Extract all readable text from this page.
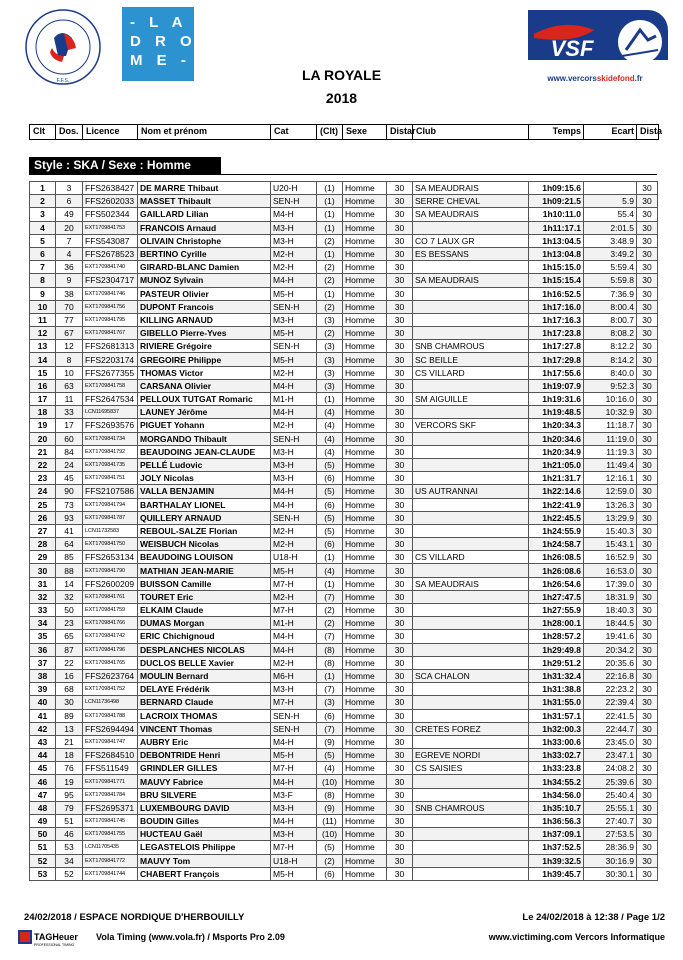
F.F.S.
- L A
D R O
M E -	VSF
www.vercorsskidefond.fr
LA ROYALE
2018
Clt	Dos. Licence	Nom et prénom	Cat	(Clt) Sexe	Distar Club	Temps	Ecart Dista
Style : SKA / Sexe : Homme
1	3	FFS2638427	DE MARRE Thibaut	U20-H	(1)	Homme	30	SA MEAUDRAIS	1h09:15.6		30
2	6	FFS2602033	MASSET Thibault	SEN-H	(1)	Homme	30	SERRE CHEVAL	1h09:21.5	5.9	30
3	49	FFS502344	GAILLARD Lilian	M4-H	(1)	Homme	30	SA MEAUDRAIS	1h10:11.0	55.4	30
4	20	EXT1709841753	FRANCOIS Arnaud	M3-H	(1)	Homme	30		1h11:17.1	2:01.5	30
5	7	FFS543087	OLIVAIN Christophe	M3-H	(2)	Homme	30	CO 7 LAUX GR	1h13:04.5	3:48.9	30
6	4	FFS2678523	BERTINO Cyrille	M2-H	(1)	Homme	30	ES BESSANS	1h13:04.8	3:49.2	30
7	36	EXT1709841740	GIRARD-BLANC Damien	M2-H	(2)	Homme	30		1h15:15.0	5:59.4	30
8	9	FFS2304717	MUNOZ Sylvain	M4-H	(2)	Homme	30	SA MEAUDRAIS	1h15:15.4	5:59.8	30
9	38	EXT1709841746	PASTEUR Olivier	M5-H	(1)	Homme	30		1h16:52.5	7:36.9	30
10	70	EXT1709841756	DUPONT Francois	SEN-H	(2)	Homme	30		1h17:16.0	8:00.4	30
11	77	EXT1709841795	KILLING ARNAUD	M3-H	(3)	Homme	30		1h17:16.3	8:00.7	30
12	67	EXT1709841767	GIBELLO Pierre-Yves	M5-H	(2)	Homme	30		1h17:23.8	8:08.2	30
13	12	FFS2681313	RIVIERE Grégoire	SEN-H	(3)	Homme	30	SNB CHAMROUS	1h17:27.8	8:12.2	30
14	8	FFS2203174	GREGOIRE Philippe	M5-H	(3)	Homme	30	SC BEILLE	1h17:29.8	8:14.2	30
15	10	FFS2677355	THOMAS Victor	M2-H	(3)	Homme	30	CS VILLARD	1h17:55.6	8:40.0	30
16	63	EXT1709841758	CARSANA Olivier	M4-H	(3)	Homme	30		1h19:07.9	9:52.3	30
17	11	FFS2647534	PELLOUX TUTGAT Romaric	M1-H	(1)	Homme	30	SM AIGUILLE	1h19:31.6	10:16.0	30
18	33	LCN11695837	LAUNEY Jérôme	M4-H	(4)	Homme	30		1h19:48.5	10:32.9	30
19	17	FFS2693576	PIGUET Yohann	M2-H	(4)	Homme	30	VERCORS SKF	1h20:34.3	11:18.7	30
20	60	EXT1709841734	MORGANDO Thibault	SEN-H	(4)	Homme	30		1h20:34.6	11:19.0	30
21	84	EXT1709841792	BEAUDOING JEAN-CLAUDE	M3-H	(4)	Homme	30		1h20:34.9	11:19.3	30
22	24	EXT1709841735	PELLÉ Ludovic	M3-H	(5)	Homme	30		1h21:05.0	11:49.4	30
23	45	EXT1709841751	JOLY Nicolas	M3-H	(6)	Homme	30		1h21:31.7	12:16.1	30
24	90	FFS2107586	VALLA BENJAMIN	M4-H	(5)	Homme	30	US AUTRANNAI	1h22:14.6	12:59.0	30
25	73	EXT1709841794	BARTHALAY LIONEL	M4-H	(6)	Homme	30		1h22:41.9	13:26.3	30
26	93	EXT1709841787	QUILLERY ARNAUD	SEN-H	(5)	Homme	30		1h22:45.5	13:29.9	30
27	41	LCN11732583	REBOUL-SALZE Florian	M2-H	(5)	Homme	30		1h24:55.9	15:40.3	30
28	64	EXT1709841750	WEISBUCH Nicolas	M2-H	(6)	Homme	30		1h24:58.7	15:43.1	30
29	85	FFS2653134	BEAUDOING LOUISON	U18-H	(1)	Homme	30	CS VILLARD	1h26:08.5	16:52.9	30
30	88	EXT1709841790	MATHIAN JEAN-MARIE	M5-H	(4)	Homme	30		1h26:08.6	16:53.0	30
31	14	FFS2600209	BUISSON Camille	M7-H	(1)	Homme	30	SA MEAUDRAIS	1h26:54.6	17:39.0	30
32	32	EXT1709841761	TOURET Eric	M2-H	(7)	Homme	30		1h27:47.5	18:31.9	30
33	50	EXT1709841759	ELKAIM Claude	M7-H	(2)	Homme	30		1h27:55.9	18:40.3	30
34	23	EXT1709841766	DUMAS Morgan	M1-H	(2)	Homme	30		1h28:00.1	18:44.5	30
35	65	EXT1709841742	ERIC Chichignoud	M4-H	(7)	Homme	30		1h28:57.2	19:41.6	30
36	87	EXT1709841796	DESPLANCHES NICOLAS	M4-H	(8)	Homme	30		1h29:49.8	20:34.2	30
37	22	EXT1709841765	DUCLOS BELLE Xavier	M2-H	(8)	Homme	30		1h29:51.2	20:35.6	30
38	16	FFS2623764	MOULIN Bernard	M6-H	(1)	Homme	30	SCA CHALON	1h31:32.4	22:16.8	30
39	68	EXT1709841752	DELAYE Frédérik	M3-H	(7)	Homme	30		1h31:38.8	22:23.2	30
40	30	LCN11736498	BERNARD Claude	M7-H	(3)	Homme	30		1h31:55.0	22:39.4	30
41	89	EXT1709841788	LACROIX THOMAS	SEN-H	(6)	Homme	30		1h31:57.1	22:41.5	30
42	13	FFS2694494	VINCENT Thomas	SEN-H	(7)	Homme	30	CRETES FOREZ	1h32:00.3	22:44.7	30
43	21	EXT1709841747	AUBRY Eric	M4-H	(9)	Homme	30		1h33:00.6	23:45.0	30
44	18	FFS2684510	DEBONTRIDE Henri	M5-H	(5)	Homme	30	EGREVE NORDI	1h33:02.7	23:47.1	30
45	76	FFS511549	GRINDLER GILLES	M7-H	(4)	Homme	30	CS SAISIES	1h33:23.8	24:08.2	30
46	19	EXT1709841771	MAUVY Fabrice	M4-H	(10)	Homme	30		1h34:55.2	25:39.6	30
47	95	EXT1709841784	BRU SILVERE	M3-F	(8)	Homme	30		1h34:56.0	25:40.4	30
48	79	FFS2695371	LUXEMBOURG DAVID	M3-H	(9)	Homme	30	SNB CHAMROUS	1h35:10.7	25:55.1	30
49	51	EXT1709841745	BOUDIN Gilles	M4-H	(11)	Homme	30		1h36:56.3	27:40.7	30
50	46	EXT1709841755	HUCTEAU Gaël	M3-H	(10)	Homme	30		1h37:09.1	27:53.5	30
51	53	LCN11705435	LEGASTELOIS Philippe	M7-H	(5)	Homme	30		1h37:52.5	28:36.9	30
52	34	EXT1709841772	MAUVY Tom	U18-H	(2)	Homme	30		1h39:32.5	30:16.9	30
53	52	EXT1709841744	CHABERT François	M5-H	(6)	Homme	30		1h39:45.7	30:30.1	30
24/02/2018 / ESPACE NORDIQUE D'HERBOUILLY	Le 24/02/2018 à 12:38 / Page 1/2
TAGHeuer
PROFESSIONAL TIMING
Vola Timing (www.vola.fr) / Msports Pro 2.09	www.victiming.com Vercors Informatique
